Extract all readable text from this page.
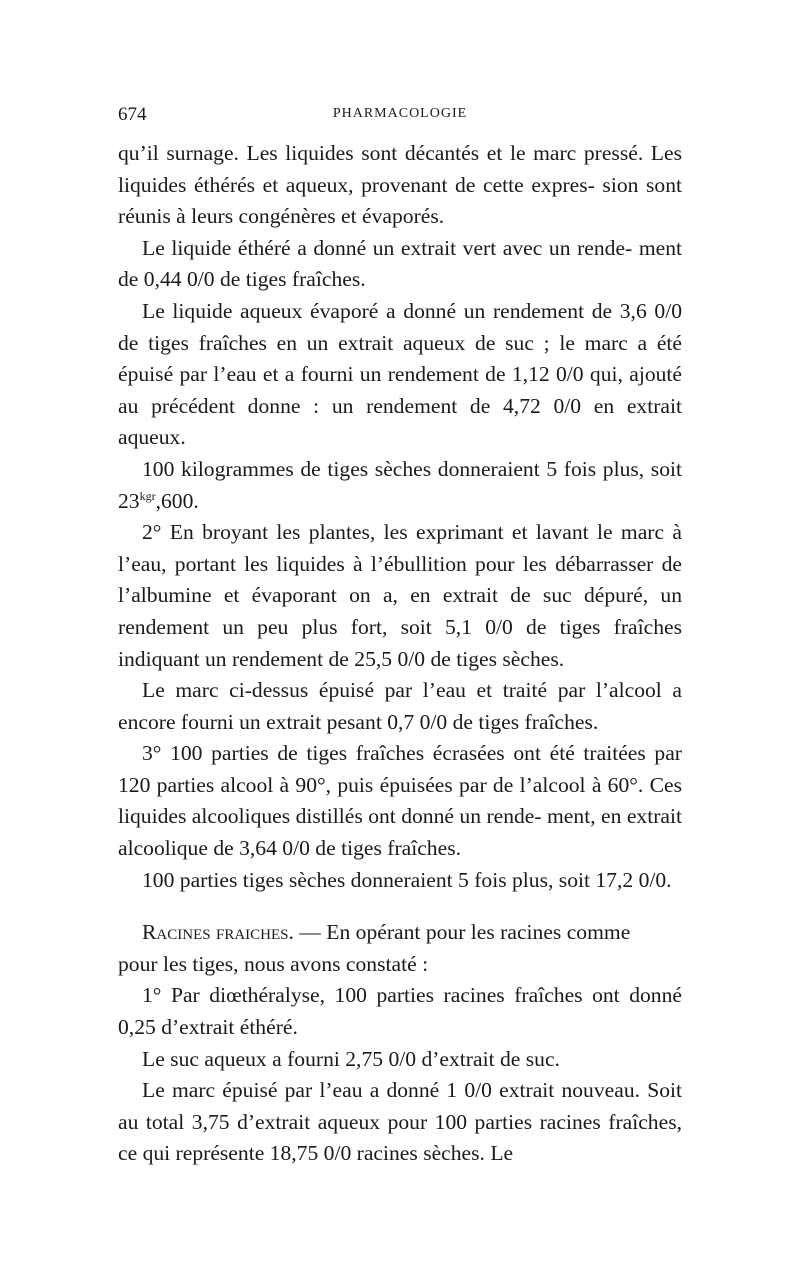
674	PHARMACOLOGIE

qu’il surnage. Les liquides sont décantés et le marc pressé. Les liquides éthérés et aqueux, provenant de cette expres- sion sont réunis à leurs congénères et évaporés.

Le liquide éthéré a donné un extrait vert avec un rende- ment de 0,44 0/0 de tiges fraîches.

Le liquide aqueux évaporé a donné un rendement de 3,6 0/0 de tiges fraîches en un extrait aqueux de suc ; le marc a été épuisé par l’eau et a fourni un rendement de 1,12 0/0 qui, ajouté au précédent donne : un rendement de 4,72 0/0 en extrait aqueux.

100 kilogrammes de tiges sèches donneraient 5 fois plus, soit $23^{kgr},600$.

2° En broyant les plantes, les exprimant et lavant le marc à l’eau, portant les liquides à l’ébullition pour les débarrasser de l’albumine et évaporant on a, en extrait de suc dépuré, un rendement un peu plus fort, soit 5,1 0/0 de tiges fraîches indiquant un rendement de 25,5 0/0 de tiges sèches.

Le marc ci-dessus épuisé par l’eau et traité par l’alcool a encore fourni un extrait pesant 0,7 0/0 de tiges fraîches.

3° 100 parties de tiges fraîches écrasées ont été traitées par 120 parties alcool à 90°, puis épuisées par de l’alcool à 60°. Ces liquides alcooliques distillés ont donné un rende- ment, en extrait alcoolique de 3,64 0/0 de tiges fraîches.

100 parties tiges sèches donneraient 5 fois plus, soit 17,2 0/0.

Racines fraiches. — En opérant pour les racines comme

pour les tiges, nous avons constaté :

1° Par diœthéralyse, 100 parties racines fraîches ont donné 0,25 d’extrait éthéré.

Le suc aqueux a fourni 2,75 0/0 d’extrait de suc.

Le marc épuisé par l’eau a donné 1 0/0 extrait nouveau. Soit au total 3,75 d’extrait aqueux pour 100 parties racines fraîches, ce qui représente 18,75 0/0 racines sèches. Le
